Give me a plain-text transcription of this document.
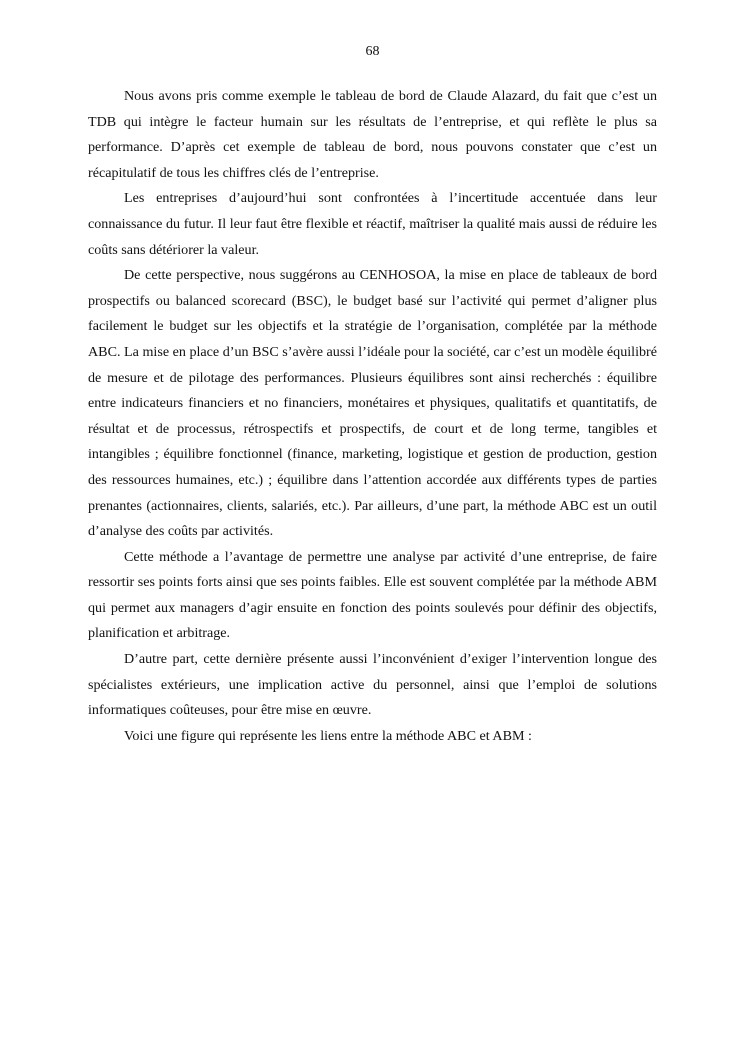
68

Nous avons pris comme exemple le tableau de bord de Claude Alazard, du fait que c’est un TDB qui intègre le facteur humain sur les résultats de l’entreprise, et qui reflète le plus sa performance. D’après cet exemple de tableau de bord, nous pouvons constater que c’est un récapitulatif de tous les chiffres clés de l’entreprise.

Les entreprises d’aujourd’hui sont confrontées à l’incertitude accentuée dans leur connaissance du futur. Il leur faut être flexible et réactif, maîtriser la qualité mais aussi de réduire les coûts sans détériorer la valeur.

De cette perspective, nous suggérons au CENHOSOA, la mise en place de tableaux de bord prospectifs ou balanced scorecard (BSC), le budget basé sur l’activité qui permet d’aligner plus facilement le budget sur les objectifs et la stratégie de l’organisation, complétée par la méthode ABC. La mise en place d’un BSC s’avère aussi l’idéale pour la société, car c’est un modèle équilibré de mesure et de pilotage des performances. Plusieurs équilibres sont ainsi recherchés : équilibre entre indicateurs financiers et no financiers, monétaires et physiques, qualitatifs et quantitatifs, de résultat et de processus, rétrospectifs et prospectifs, de court et de long terme, tangibles et intangibles ; équilibre fonctionnel (finance, marketing, logistique et gestion de production, gestion des ressources humaines, etc.) ; équilibre dans l’attention accordée aux différents types de parties prenantes (actionnaires, clients, salariés, etc.). Par ailleurs, d’une part, la méthode ABC est un outil d’analyse des coûts par activités.

Cette méthode a l’avantage de permettre une analyse par activité d’une entreprise, de faire ressortir ses points forts ainsi que ses points faibles. Elle est souvent complétée par la méthode ABM qui permet aux managers d’agir ensuite en fonction des points soulevés pour définir des objectifs, planification et arbitrage.

D’autre part, cette dernière présente aussi l’inconvénient d’exiger l’intervention longue des spécialistes extérieurs, une implication active du personnel, ainsi que l’emploi de solutions informatiques coûteuses, pour être mise en œuvre.

Voici une figure qui représente les liens entre la méthode ABC et ABM :
